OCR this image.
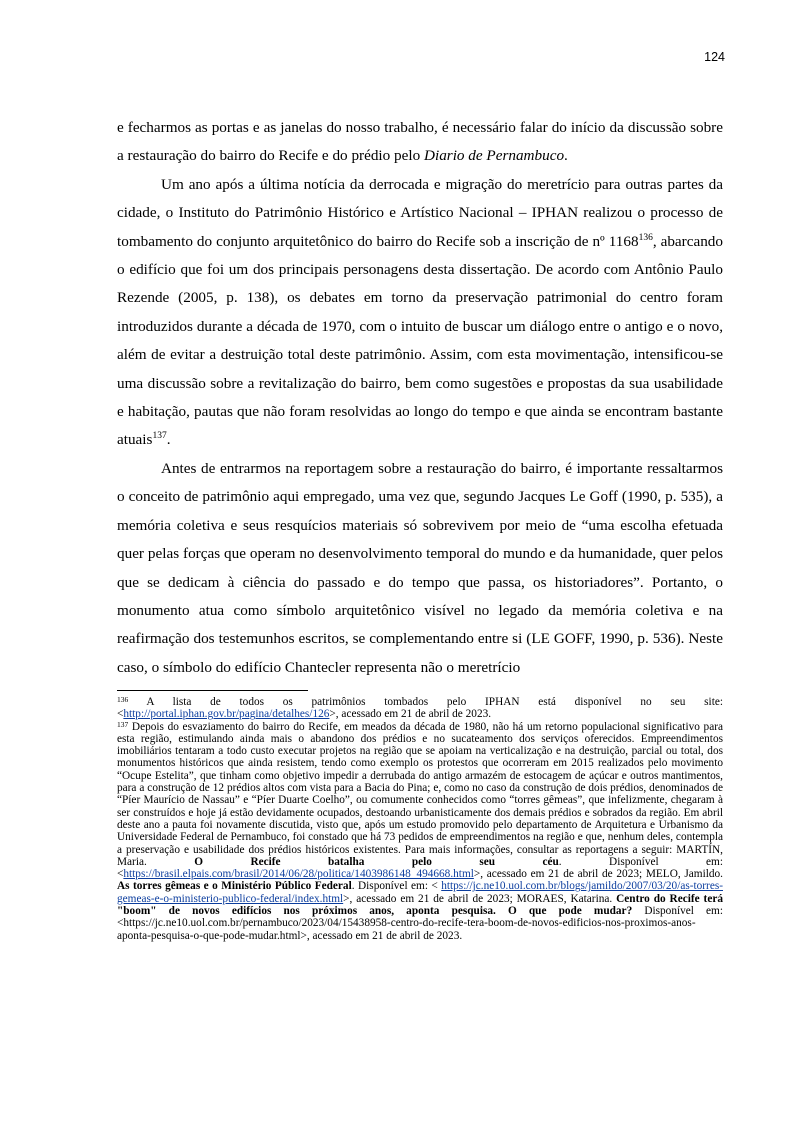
124

e fecharmos as portas e as janelas do nosso trabalho, é necessário falar do início da discussão sobre a restauração do bairro do Recife e do prédio pelo Diario de Pernambuco.

Um ano após a última notícia da derrocada e migração do meretrício para outras partes da cidade, o Instituto do Patrimônio Histórico e Artístico Nacional – IPHAN realizou o processo de tombamento do conjunto arquitetônico do bairro do Recife sob a inscrição de nº 1168$^{136}$, abarcando o edifício que foi um dos principais personagens desta dissertação. De acordo com Antônio Paulo Rezende (2005, p. 138), os debates em torno da preservação patrimonial do centro foram introduzidos durante a década de 1970, com o intuito de buscar um diálogo entre o antigo e o novo, além de evitar a destruição total deste patrimônio. Assim, com esta movimentação, intensificou-se uma discussão sobre a revitalização do bairro, bem como sugestões e propostas da sua usabilidade e habitação, pautas que não foram resolvidas ao longo do tempo e que ainda se encontram bastante atuais$^{137}$.

Antes de entrarmos na reportagem sobre a restauração do bairro, é importante ressaltarmos o conceito de patrimônio aqui empregado, uma vez que, segundo Jacques Le Goff (1990, p. 535), a memória coletiva e seus resquícios materiais só sobrevivem por meio de “uma escolha efetuada quer pelas forças que operam no desenvolvimento temporal do mundo e da humanidade, quer pelos que se dedicam à ciência do passado e do tempo que passa, os historiadores”. Portanto, o monumento atua como símbolo arquitetônico visível no legado da memória coletiva e na reafirmação dos testemunhos escritos, se complementando entre si (LE GOFF, 1990, p. 536). Neste caso, o símbolo do edifício Chantecler representa não o meretrício

$^{136}$ A lista de todos os patrimônios tombados pelo IPHAN está disponível no seu site: <http://portal.iphan.gov.br/pagina/detalhes/126>, acessado em 21 de abril de 2023.

$^{137}$ Depois do esvaziamento do bairro do Recife, em meados da década de 1980, não há um retorno populacional significativo para esta região, estimulando ainda mais o abandono dos prédios e no sucateamento dos serviços oferecidos. Empreendimentos imobiliários tentaram a todo custo executar projetos na região que se apoiam na verticalização e na destruição, parcial ou total, dos monumentos históricos que ainda resistem, tendo como exemplo os protestos que ocorreram em 2015 realizados pelo movimento “Ocupe Estelita”, que tinham como objetivo impedir a derrubada do antigo armazém de estocagem de açúcar e outros mantimentos, para a construção de 12 prédios altos com vista para a Bacia do Pina; e, como no caso da construção de dois prédios, denominados de “Píer Maurício de Nassau” e “Píer Duarte Coelho”, ou comumente conhecidos como “torres gêmeas”, que infelizmente, chegaram à ser construídos e hoje já estão devidamente ocupados, destoando urbanisticamente dos demais prédios e sobrados da região. Em abril deste ano a pauta foi novamente discutida, visto que, após um estudo promovido pelo departamento de Arquitetura e Urbanismo da Universidade Federal de Pernambuco, foi constado que há 73 pedidos de empreendimentos na região e que, nenhum deles, contempla a preservação e usabilidade dos prédios históricos existentes. Para mais informações, consultar as reportagens a seguir: MARTÍN, Maria. O Recife batalha pelo seu céu. Disponível em: <https://brasil.elpais.com/brasil/2014/06/28/politica/1403986148_494668.html>, acessado em 21 de abril de 2023; MELO, Jamildo. As torres gêmeas e o Ministério Público Federal. Disponível em: < https://jc.ne10.uol.com.br/blogs/jamildo/2007/03/20/as-torres-gemeas-e-o-ministerio-publico-federal/index.html>, acessado em 21 de abril de 2023; MORAES, Katarina. Centro do Recife terá "boom" de novos edifícios nos próximos anos, aponta pesquisa. O que pode mudar? Disponível em: <https://jc.ne10.uol.com.br/pernambuco/2023/04/15438958-centro-do-recife-tera-boom-de-novos-edificios-nos-proximos-anos-aponta-pesquisa-o-que-pode-mudar.html>, acessado em 21 de abril de 2023.
